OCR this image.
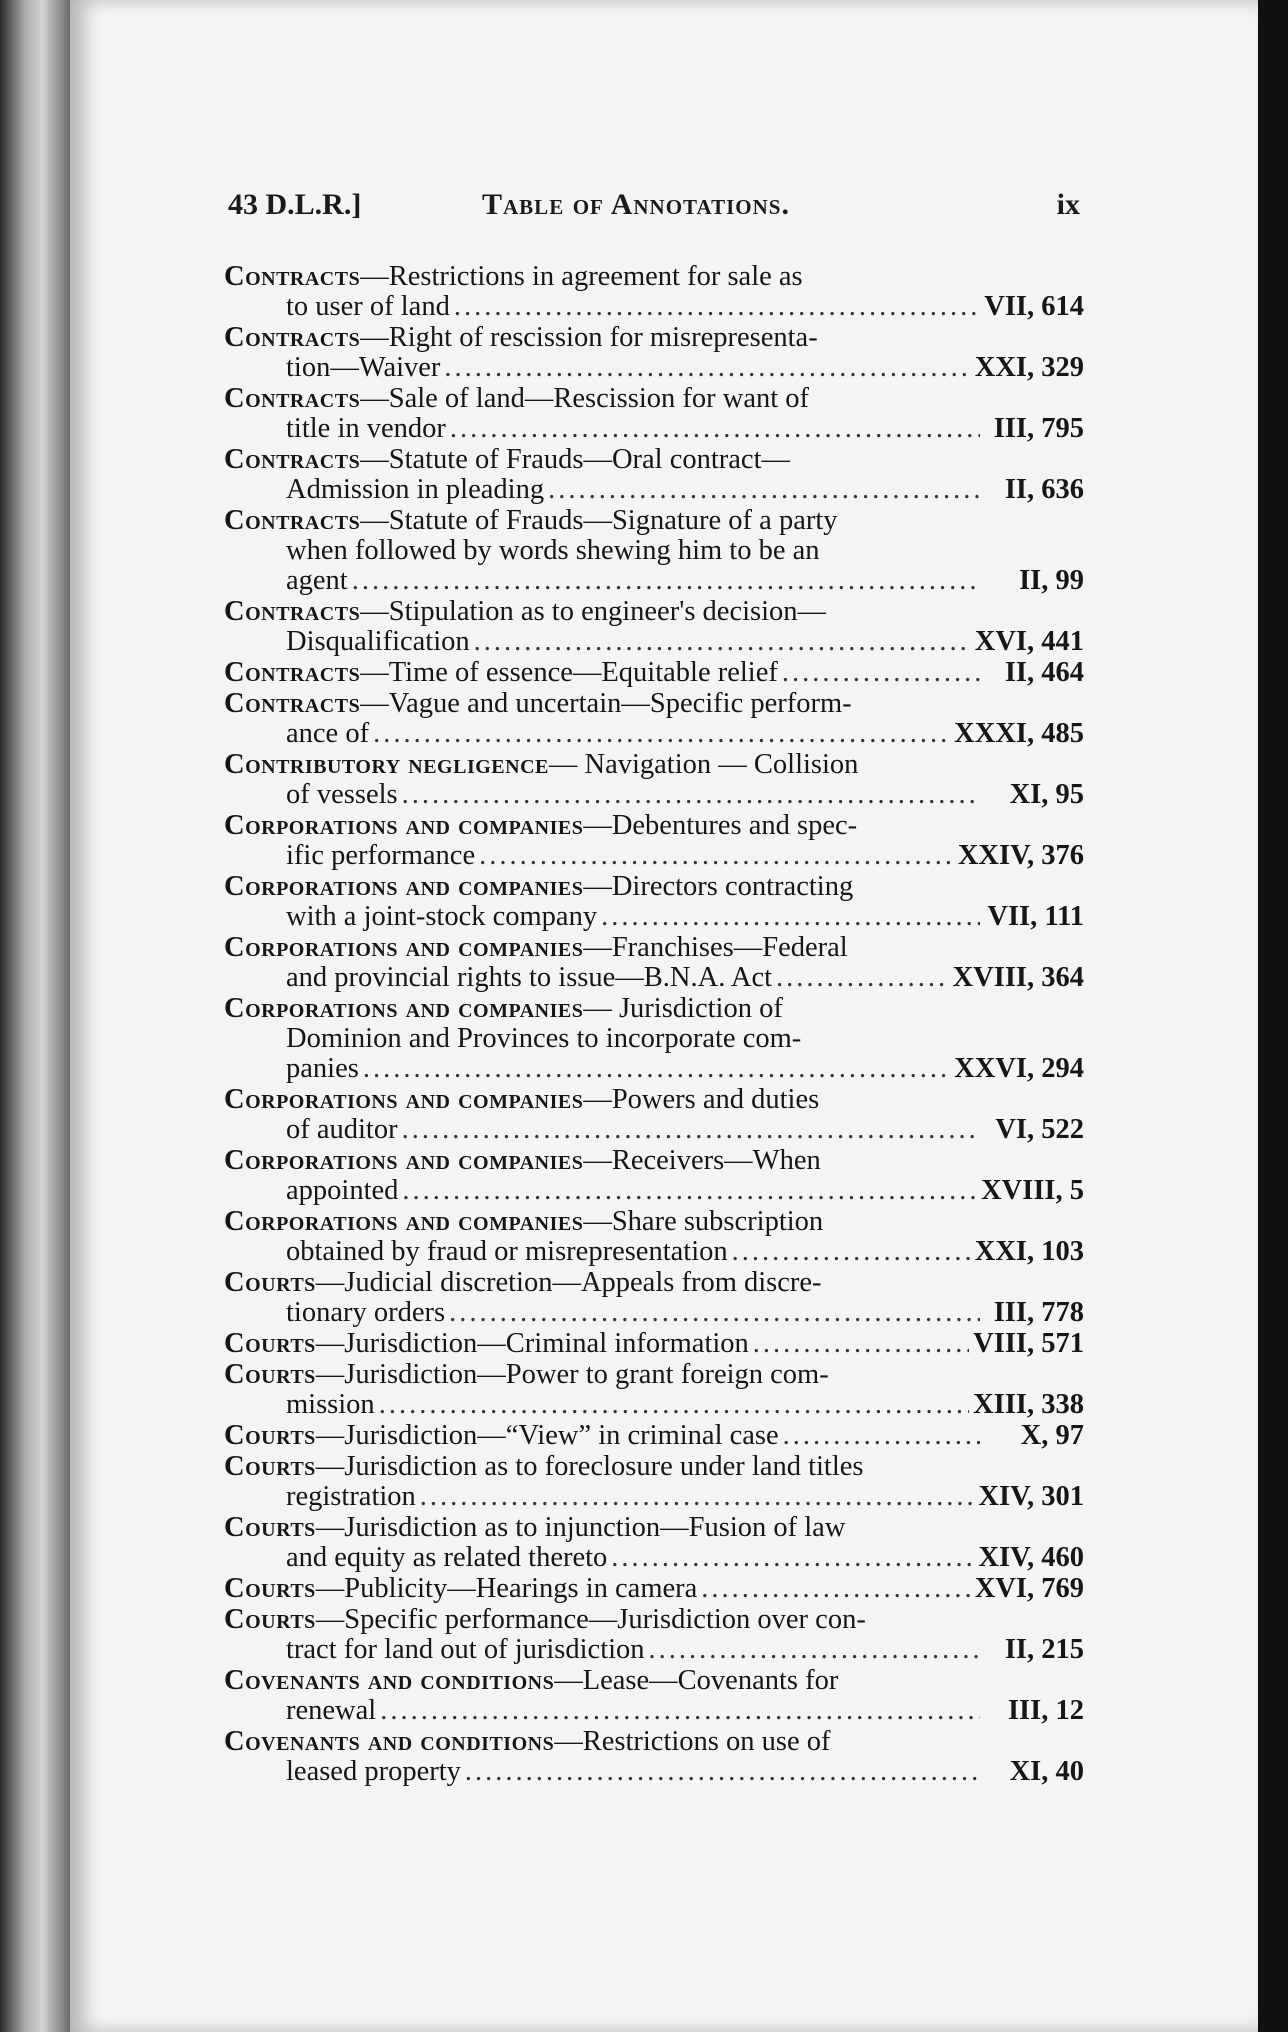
43 D.L.R.]	Table of Annotations.	ix
Contracts —Restrictions in agreement for sale as
to user of land .....	VII, 614
Contracts —Right of rescission for misrepresenta-
tion—Waiver .....	XXI, 329
Contracts —Sale of land—Rescission for want of
title in vendor .....	III, 795
Contracts —Statute of Frauds—Oral contract—
Admission in pleading .....	II, 636
Contracts —Statute of Frauds—Signature of a party
when followed by words shewing him to be an
agent .....	II, 99
Contracts —Stipulation as to engineer's decision—
Disqualification .....	XVI, 441
Contracts —Time of essence—Equitable relief .....	II, 464
Contracts —Vague and uncertain—Specific perform-
ance of .....	XXXI, 485
Contributory negligence — Navigation — Collision
of vessels .....	XI, 95
Corporations and companies —Debentures and spec-
ific performance .....	XXIV, 376
Corporations and companies —Directors contracting
with a joint-stock company .....	VII, 111
Corporations and companies —Franchises—Federal
and provincial rights to issue—B.N.A. Act .....	XVIII, 364
Corporations and companies — Jurisdiction of
Dominion and Provinces to incorporate com-
panies .....	XXVI, 294
Corporations and companies —Powers and duties
of auditor .....	VI, 522
Corporations and companies —Receivers—When
appointed .....	XVIII, 5
Corporations and companies —Share subscription
obtained by fraud or misrepresentation .....	XXI, 103
Courts —Judicial discretion—Appeals from discre-
tionary orders .....	III, 778
Courts —Jurisdiction—Criminal information .....	VIII, 571
Courts —Jurisdiction—Power to grant foreign com-
mission .....	XIII, 338
Courts —Jurisdiction—“View” in criminal case .....	X, 97
Courts —Jurisdiction as to foreclosure under land titles
registration .....	XIV, 301
Courts —Jurisdiction as to injunction—Fusion of law
and equity as related thereto .....	XIV, 460
Courts —Publicity—Hearings in camera .....	XVI, 769
Courts —Specific performance—Jurisdiction over con-
tract for land out of jurisdiction .....	II, 215
Covenants and conditions —Lease—Covenants for
renewal .....	III, 12
Covenants and conditions —Restrictions on use of
leased property .....	XI, 40
